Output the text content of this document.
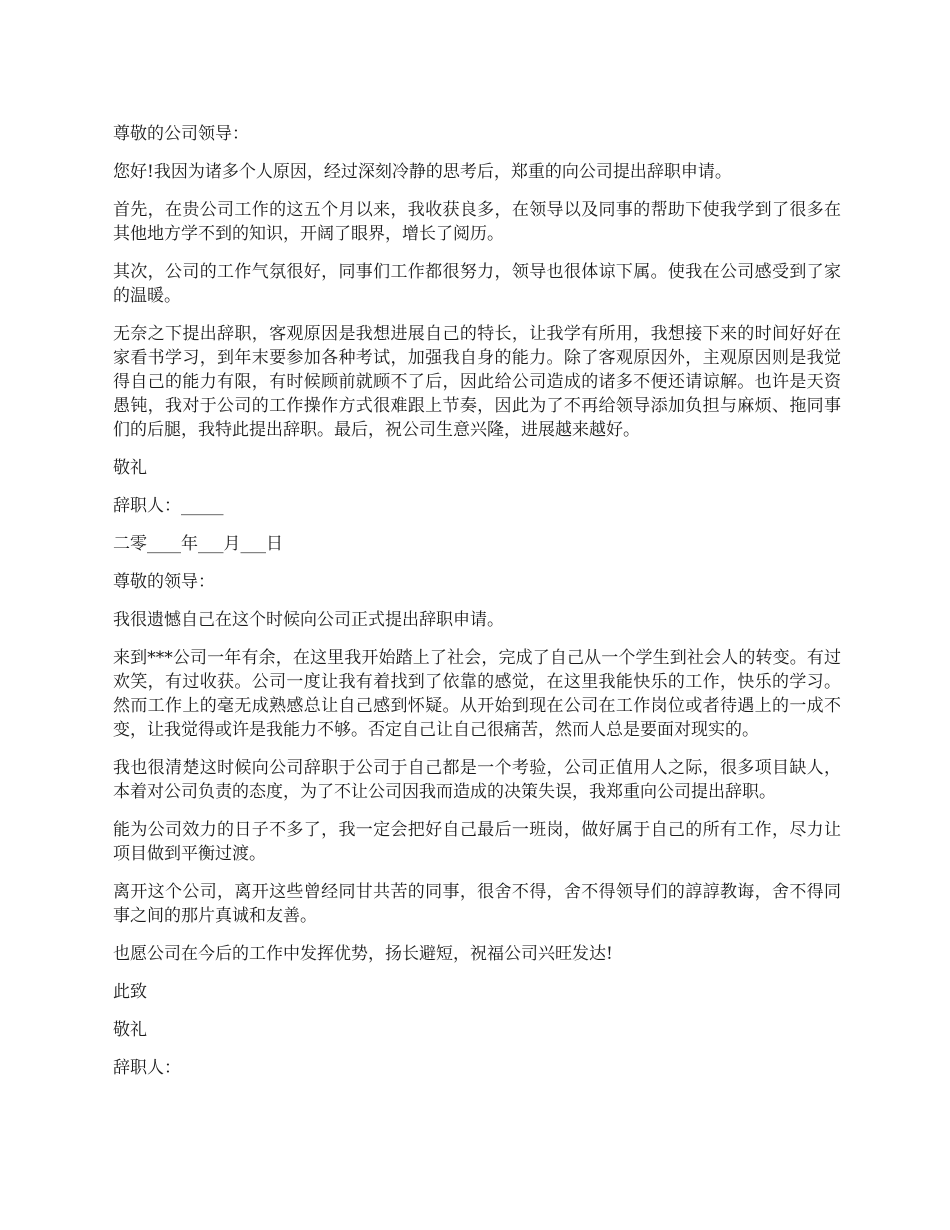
尊敬的公司领导：

您好!我因为诸多个人原因，经过深刻冷静的思考后，郑重的向公司提出辞职申请。

首先，在贵公司工作的这五个月以来，我收获良多，在领导以及同事的帮助下使我学到了很多在其他地方学不到的知识，开阔了眼界，增长了阅历。

其次，公司的工作气氛很好，同事们工作都很努力，领导也很体谅下属。使我在公司感受到了家的温暖。

无奈之下提出辞职，客观原因是我想进展自己的特长，让我学有所用，我想接下来的时间好好在家看书学习，到年末要参加各种考试，加强我自身的能力。除了客观原因外，主观原因则是我觉得自己的能力有限，有时候顾前就顾不了后，因此给公司造成的诸多不便还请谅解。也许是天资愚钝，我对于公司的工作操作方式很难跟上节奏，因此为了不再给领导添加负担与麻烦、拖同事们的后腿，我特此提出辞职。最后，祝公司生意兴隆，进展越来越好。

敬礼

辞职人：_____

二零____年___月___日

尊敬的领导：

我很遗憾自己在这个时候向公司正式提出辞职申请。

来到***公司一年有余，在这里我开始踏上了社会，完成了自己从一个学生到社会人的转变。有过欢笑，有过收获。公司一度让我有着找到了依靠的感觉，在这里我能快乐的工作，快乐的学习。然而工作上的毫无成熟感总让自己感到怀疑。从开始到现在公司在工作岗位或者待遇上的一成不变，让我觉得或许是我能力不够。否定自己让自己很痛苦，然而人总是要面对现实的。

我也很清楚这时候向公司辞职于公司于自己都是一个考验，公司正值用人之际，很多项目缺人，本着对公司负责的态度，为了不让公司因我而造成的决策失误，我郑重向公司提出辞职。

能为公司效力的日子不多了，我一定会把好自己最后一班岗，做好属于自己的所有工作，尽力让项目做到平衡过渡。

离开这个公司，离开这些曾经同甘共苦的同事，很舍不得，舍不得领导们的諄諄教诲，舍不得同事之间的那片真诚和友善。

也愿公司在今后的工作中发挥优势，扬长避短，祝福公司兴旺发达!

此致

敬礼

辞职人：
